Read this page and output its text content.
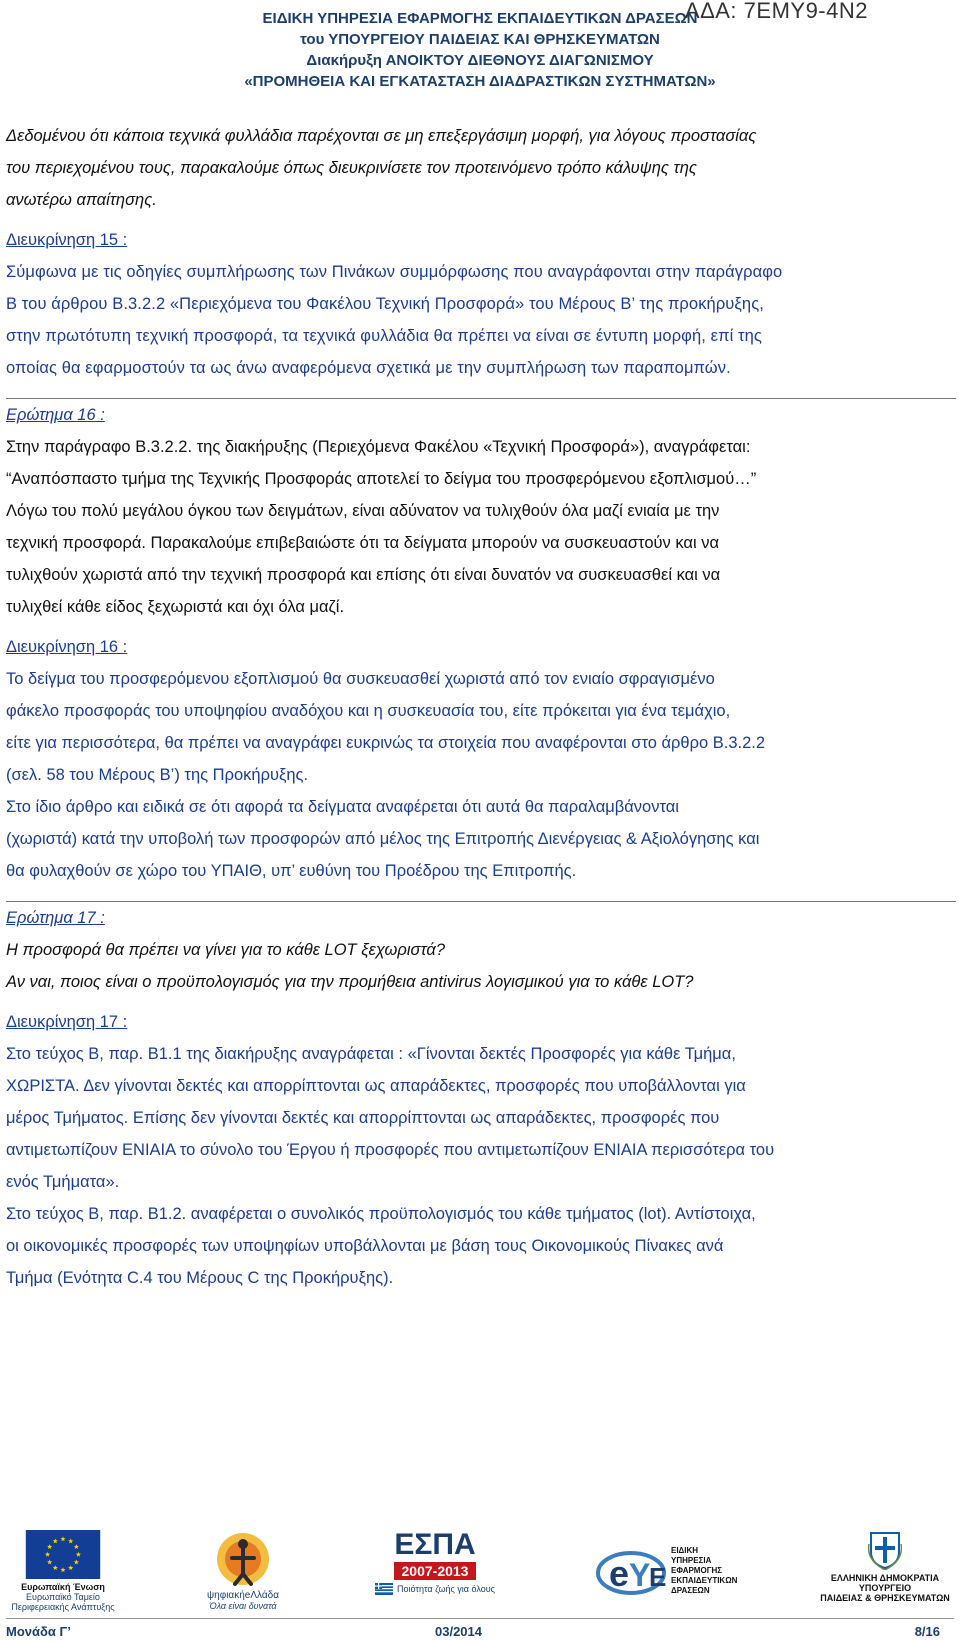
ΕΙΔΙΚΗ ΥΠΗΡΕΣΙΑ ΕΦΑΡΜΟΓΗΣ ΕΚΠΑΙΔΕΥΤΙΚΩΝ ΔΡΑΣΕΩΝ
του ΥΠΟΥΡΓΕΙΟΥ ΠΑΙΔΕΙΑΣ ΚΑΙ ΘΡΗΣΚΕΥΜΑΤΩΝ
Διακήρυξη ΑΝΟΙΚΤΟΥ ΔΙΕΘΝΟΥΣ ΔΙΑΓΩΝΙΣΜΟΥ
«ΠΡΟΜΗΘΕΙΑ ΚΑΙ ΕΓΚΑΤΑΣΤΑΣΗ ΔΙΑΔΡΑΣΤΙΚΩΝ ΣΥΣΤΗΜΑΤΩΝ»
ΑΔΑ: 7ΕΜΥ9-4Ν2

Δεδομένου ότι κάποια τεχνικά φυλλάδια παρέχονται σε μη επεξεργάσιμη μορφή, για λόγους προστασίας

του περιεχομένου τους, παρακαλούμε όπως διευκρινίσετε τον προτεινόμενο τρόπο κάλυψης της

ανωτέρω απαίτησης.

Διευκρίνηση 15 :

Σύμφωνα με τις οδηγίες συμπλήρωσης των Πινάκων συμμόρφωσης που αναγράφονται στην παράγραφο

Β του άρθρου Β.3.2.2 «Περιεχόμενα του Φακέλου Τεχνική Προσφορά» του Μέρους Β’ της προκήρυξης,

στην πρωτότυπη τεχνική προσφορά, τα τεχνικά φυλλάδια θα πρέπει να είναι σε έντυπη μορφή, επί της

οποίας θα εφαρμοστούν τα ως άνω αναφερόμενα σχετικά με την συμπλήρωση των παραπομπών.

Ερώτημα 16 :

Στην παράγραφο Β.3.2.2. της διακήρυξης (Περιεχόμενα Φακέλου «Τεχνική Προσφορά»), αναγράφεται:

“Αναπόσπαστο τμήμα της Τεχνικής Προσφοράς αποτελεί το δείγμα του προσφερόμενου εξοπλισμού…”

Λόγω του πολύ μεγάλου όγκου των δειγμάτων, είναι αδύνατον να τυλιχθούν όλα μαζί ενιαία με την

τεχνική προσφορά. Παρακαλούμε επιβεβαιώστε ότι τα δείγματα μπορούν να συσκευαστούν και να

τυλιχθούν χωριστά από την τεχνική προσφορά και επίσης ότι είναι δυνατόν να συσκευασθεί και να

τυλιχθεί κάθε είδος ξεχωριστά και όχι όλα μαζί.

Διευκρίνηση 16 :

Το δείγμα του προσφερόμενου εξοπλισμού θα συσκευασθεί χωριστά από τον ενιαίο σφραγισμένο

φάκελο προσφοράς του υποψηφίου αναδόχου και η συσκευασία του, είτε πρόκειται για ένα τεμάχιο,

είτε για περισσότερα, θα πρέπει να αναγράφει ευκρινώς τα στοιχεία που αναφέρονται στο άρθρο Β.3.2.2

(σελ. 58 του Μέρους Β’) της Προκήρυξης.

Στο ίδιο άρθρο και ειδικά σε ότι αφορά τα δείγματα αναφέρεται ότι αυτά θα παραλαμβάνονται

(χωριστά) κατά την υποβολή των προσφορών από μέλος της Επιτροπής Διενέργειας & Αξιολόγησης και

θα φυλαχθούν σε χώρο του ΥΠΑΙΘ, υπ’ ευθύνη του Προέδρου της Επιτροπής.

Ερώτημα 17 :

Η προσφορά θα πρέπει να γίνει για το κάθε LOT ξεχωριστά?

Αν ναι, ποιος είναι ο προϋπολογισμός για την προμήθεια antivirus λογισμικού για το κάθε LOT?

Διευκρίνηση 17 :

Στο τεύχος Β, παρ. Β1.1 της διακήρυξης αναγράφεται : «Γίνονται δεκτές Προσφορές για κάθε Τμήμα,

ΧΩΡΙΣΤΑ. Δεν γίνονται δεκτές και απορρίπτονται ως απαράδεκτες, προσφορές που υποβάλλονται για

μέρος Τμήματος. Επίσης δεν γίνονται δεκτές και απορρίπτονται ως απαράδεκτες, προσφορές που

αντιμετωπίζουν ΕΝΙΑΙΑ το σύνολο του Έργου ή προσφορές που αντιμετωπίζουν ΕΝΙΑΙΑ περισσότερα του

ενός Τμήματα».

Στο τεύχος Β, παρ. Β1.2. αναφέρεται ο συνολικός προϋπολογισμός του κάθε τμήματος (lot). Αντίστοιχα,

οι οικονομικές προσφορές των υποψηφίων υποβάλλονται με βάση τους Οικονομικούς Πίνακες ανά

Τμήμα (Ενότητα C.4 του Μέρους C της Προκήρυξης).

Ευρωπαϊκή Ένωση
Ευρωπαϊκό Ταμείο
Περιφερειακής Ανάπτυξης
ψηφιακήeΛλάδα
Όλα είναι δυνατά
ΕΣΠΑ
2007-2013
Ποιότητα ζωής για όλους	e Y
E
ΕΙΔΙΚΗ
ΥΠΗΡΕΣΙΑ
ΕΦΑΡΜΟΓΗΣ
ΕΚΠΑΙΔΕΥΤΙΚΩΝ
ΔΡΑΣΕΩΝ
ΕΛΛΗΝΙΚΗ ΔΗΜΟΚΡΑΤΙΑ
ΥΠΟΥΡΓΕΙΟ
ΠΑΙΔΕΙΑΣ & ΘΡΗΣΚΕΥΜΑΤΩΝ
Μονάδα Γ’	03/2014	8/16
